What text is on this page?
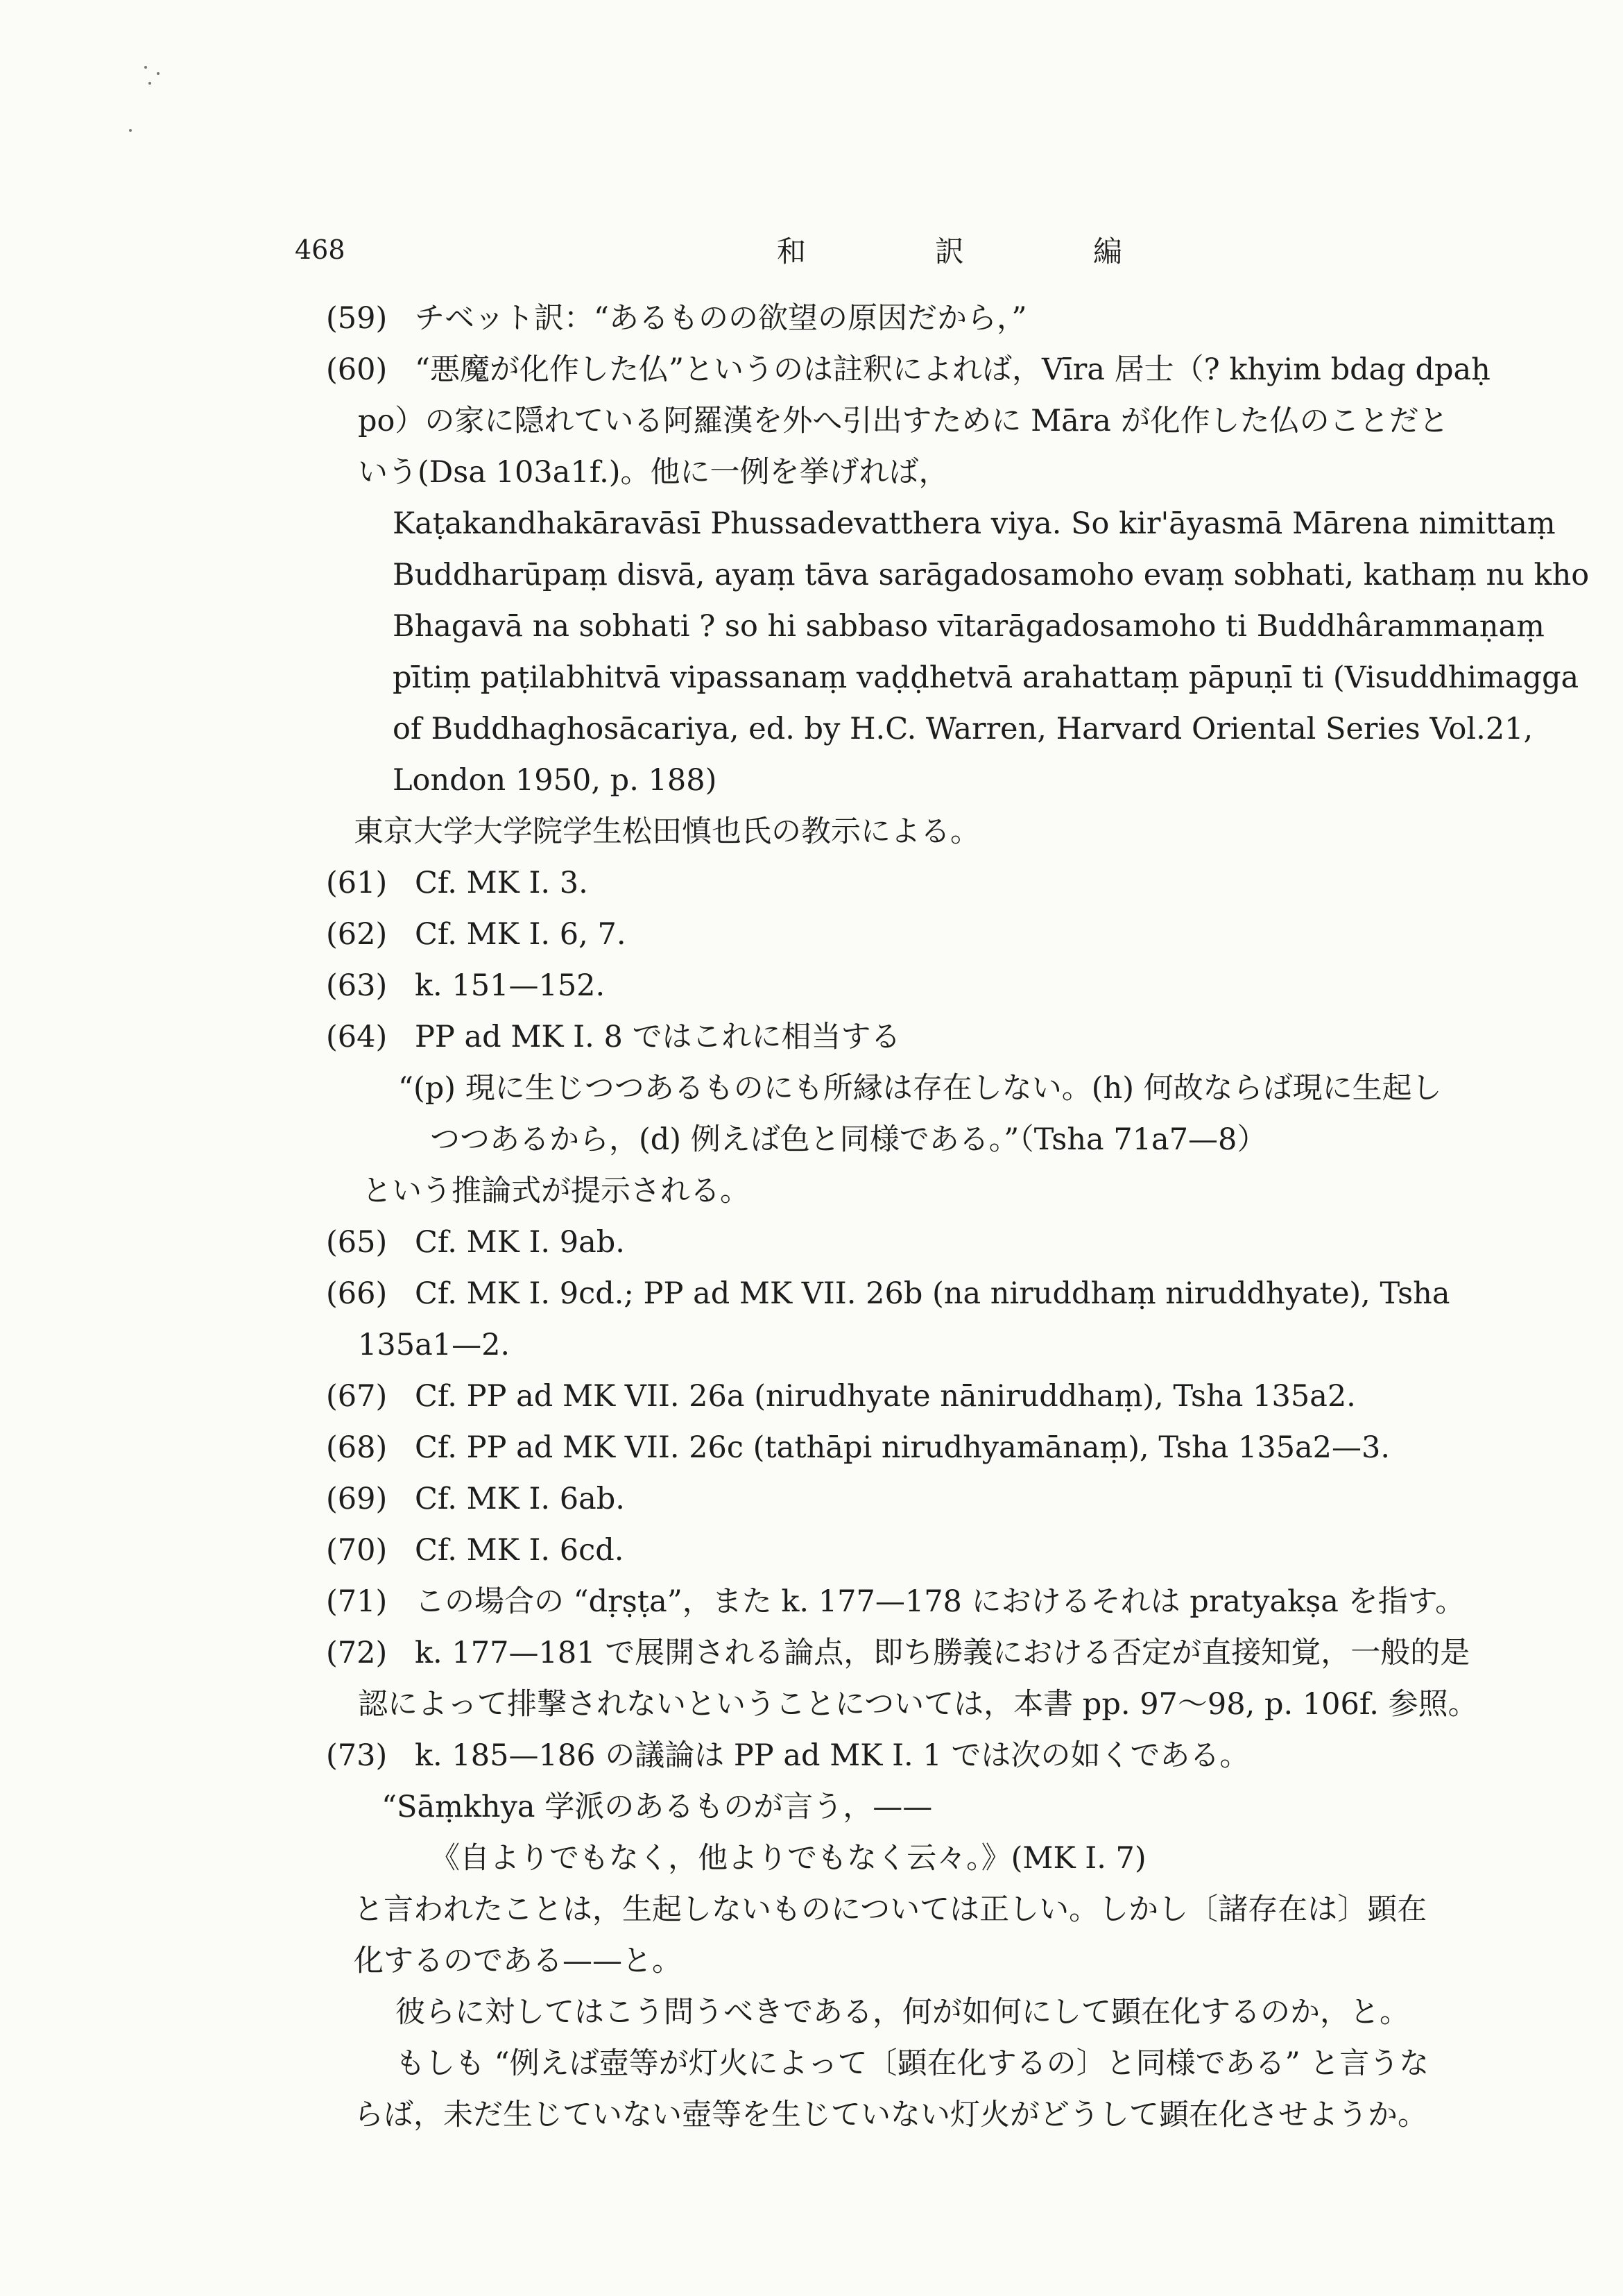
468	和　訳　編
(59) チベット訳：“あるものの欲望の原因だから，”
(60) “悪魔が化作した仏”というのは註釈によれば，Vīra 居士（? khyim bdag dpaḥ
po）の家に隠れている阿羅漢を外へ引出すために Māra が化作した仏のことだと
いう(Dsa 103a1f.)。他に一例を挙げれば，
Kaṭakandhakāravāsī Phussadevatthera viya. So kir'āyasmā Mārena nimittaṃ
Buddharūpaṃ disvā, ayaṃ tāva sarāgadosamoho evaṃ sobhati, kathaṃ nu kho
Bhagavā na sobhati ? so hi sabbaso vītarāgadosamoho ti Buddhârammaṇaṃ
pītiṃ paṭilabhitvā vipassanaṃ vaḍḍhetvā arahattaṃ pāpuṇī ti (Visuddhimagga
of Buddhaghosācariya, ed. by H.C. Warren, Harvard Oriental Series Vol.21,
London 1950, p. 188)
東京大学大学院学生松田慎也氏の教示による。
(61) Cf. MK I. 3.
(62) Cf. MK I. 6, 7.
(63) k. 151—152.
(64) PP ad MK I. 8 ではこれに相当する
“(p) 現に生じつつあるものにも所縁は存在しない。(h) 何故ならば現に生起し
つつあるから，(d) 例えば色と同様である。”（Tsha 71a7—8）
という推論式が提示される。
(65) Cf. MK I. 9ab.
(66) Cf. MK I. 9cd.; PP ad MK VII. 26b (na niruddhaṃ niruddhyate), Tsha
135a1—2.
(67) Cf. PP ad MK VII. 26a (nirudhyate nāniruddhaṃ), Tsha 135a2.
(68) Cf. PP ad MK VII. 26c (tathāpi nirudhyamānaṃ), Tsha 135a2—3.
(69) Cf. MK I. 6ab.
(70) Cf. MK I. 6cd.
(71) この場合の “dṛṣṭa”，また k. 177—178 におけるそれは pratyakṣa を指す。
(72) k. 177—181 で展開される論点，即ち勝義における否定が直接知覚，一般的是
認によって排撃されないということについては，本書 pp. 97～98, p. 106f. 参照。
(73) k. 185—186 の議論は PP ad MK I. 1 では次の如くである。
“Sāṃkhya 学派のあるものが言う，——
《自よりでもなく，他よりでもなく云々。》(MK I. 7)
と言われたことは，生起しないものについては正しい。しかし〔諸存在は〕顕在
化するのである——と。
彼らに対してはこう問うべきである，何が如何にして顕在化するのか，と。
もしも “例えば壺等が灯火によって〔顕在化するの〕と同様である” と言うな
らば，未だ生じていない壺等を生じていない灯火がどうして顕在化させようか。
